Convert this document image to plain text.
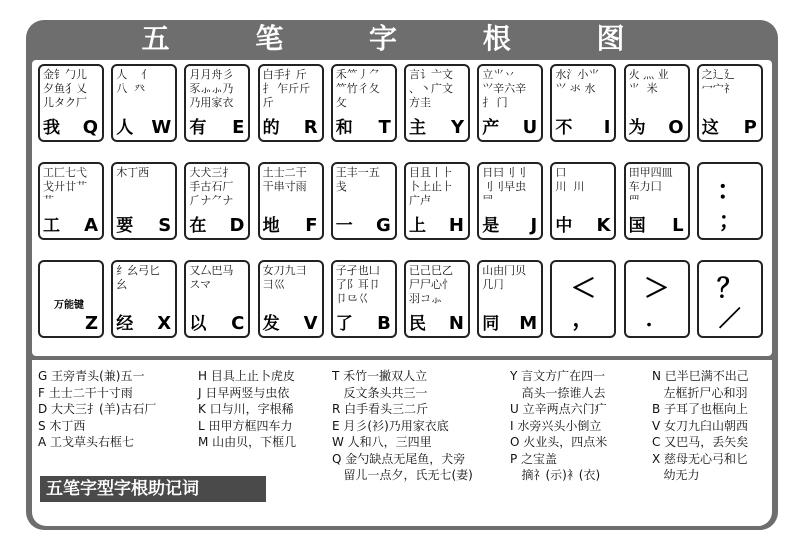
五 笔 字 根 图
金钅勹儿
夕鱼犭乂
儿タク厂
我 Q
人    亻
八  癶
人 W
月月舟彡
豕⺗⺗乃
乃用家衣
有 E
白手⺘斤
⺘ 乍斤斤
斤
的 R
禾⺮丿⺈
⺮竹彳夂
攵
和 T
言讠亠文
、丶广文
方圭
主 Y
立⺌丷
⺍辛六辛
扌 门
产 U
水氵小⺌
⺍ 氺 水

不 I
火 灬 业
⺌  米

为 O
之辶廴
冖宀礻

这 P
工匚七弋
戈廾廿艹
艹
工 A
木丁西

要 S
大犬三⺘
手古石厂
⺁ナ⺈ナ
在 D
土士二干
干串寸雨

地 F
王丰一五
戋

一 G
目且丨⺊
卜上止⺊
广卢
上 H
日曰刂刂
刂刂早虫
⺜
是 J
口
川  川

中 K
田甲四皿
车力囗
⺲
国 L
：
；
万能键
Z
纟幺弓匕
幺

经 X
又厶巴马
スマ

以 C
女刀九彐
⺕巛

发 V
子孑也凵
了阝耳卩
卩⺋巜
了 B
已己巳乙
尸尸心忄
羽コ⺗
民 N
山由冂贝
几⺆

同 M
＜
，
＞
．
？
／
G 王旁青头(兼)五一
F 土士二干十寸雨
D 大犬三⺘(羊)古石厂
S 木丁西
A 工戈草头右框七
H 目具上止卜虎皮
J 日早两竖与虫依
K 口与川，字根稀
L 田甲方框四车力
M 山由贝，下框几
T 禾竹一撇双人立
反文条头共三一
R 白手看头三二斤
E 月彡(衫)乃用家衣底
W 人和八，三四里
Q 金勺缺点无尾鱼，犬旁
留儿一点夕，氏无七(妻)
Y 言文方广在四一
高头一捺谁人去
U 立辛两点六门疒
I 水旁兴头小倒立
O 火业头，四点米
P 之宝盖
摘礻(示)衤(衣)
N 已半巳满不出己
左框折尸心和羽
B 子耳了也框向上
V 女刀九臼山朝西
C 又巴马，丢矢矣
X 慈母无心弓和匕
幼无力
五笔字型字根助记词
